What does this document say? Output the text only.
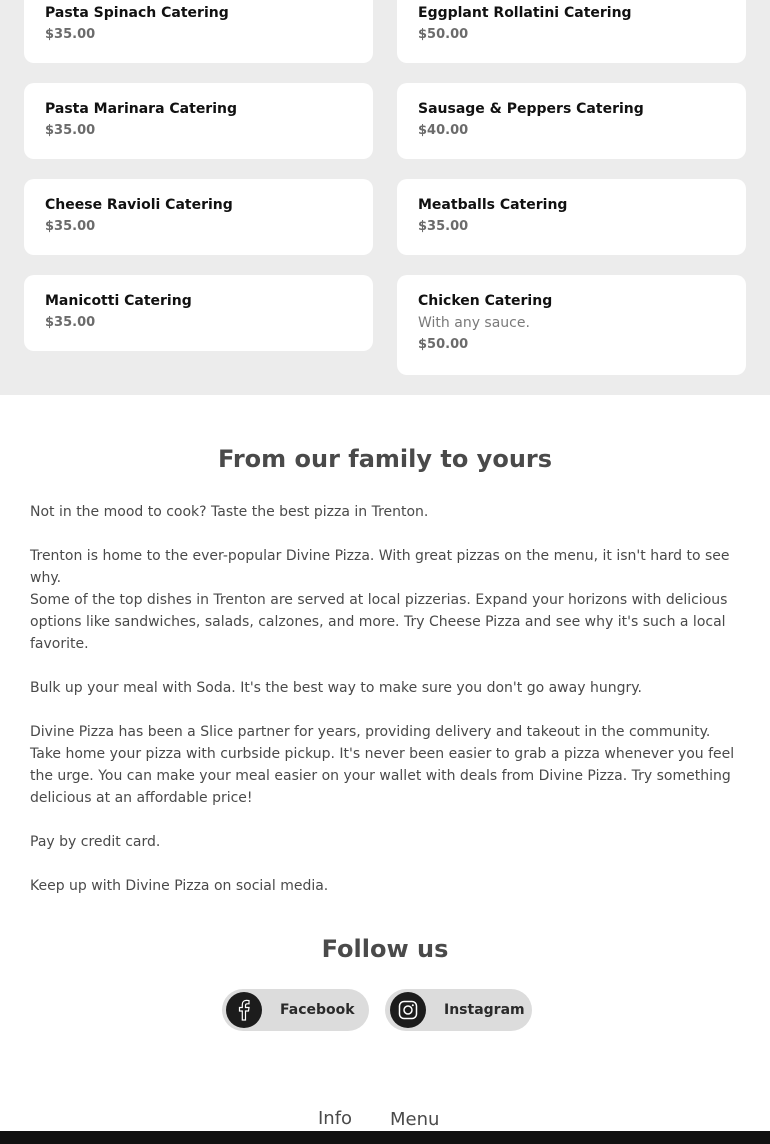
Pasta Spinach Catering
$35.00
Eggplant Rollatini Catering
$50.00
Pasta Marinara Catering
$35.00
Sausage & Peppers Catering
$40.00
Cheese Ravioli Catering
$35.00
Meatballs Catering
$35.00
Manicotti Catering
$35.00
Chicken Catering
With any sauce.
$50.00
From our family to yours

Not in the mood to cook? Taste the best pizza in Trenton.

Trenton is home to the ever-popular Divine Pizza. With great pizzas on the menu, it isn't hard to see why.

Some of the top dishes in Trenton are served at local pizzerias. Expand your horizons with delicious options like sandwiches, salads, calzones, and more. Try Cheese Pizza and see why it's such a local favorite.

Bulk up your meal with Soda. It's the best way to make sure you don't go away hungry.

Divine Pizza has been a Slice partner for years, providing delivery and takeout in the community. Take home your pizza with curbside pickup. It's never been easier to grab a pizza whenever you feel the urge. You can make your meal easier on your wallet with deals from Divine Pizza. Try something delicious at an affordable price!

Pay by credit card.

Keep up with Divine Pizza on social media.

Follow us
Facebook	Instagram
Info Menu
